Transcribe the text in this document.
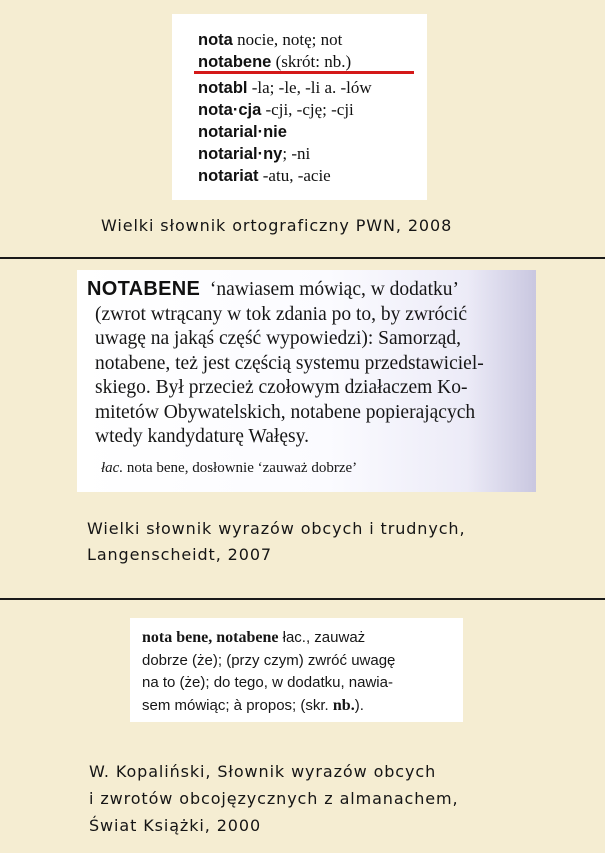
nota nocie, notę; not
notabene (skrót: nb.)
notabl -la; -le, -li a. -lów
nota·cja -cji, -cję; -cji
notarial·nie
notarial·ny; -ni
notariat -atu, -acie
Wielki słownik ortograficzny PWN, 2008
NOTABENE ‘nawiasem mówiąc, w dodatku’
(zwrot wtrącany w tok zdania po to, by zwrócić
uwagę na jakąś część wypowiedzi): Samorząd,
notabene, też jest częścią systemu przedstawiciel-
skiego. Był przecież czołowym działaczem Ko-
mitetów Obywatelskich, notabene popierających
wtedy kandydaturę Wałęsy.
łac. nota bene, dosłownie ‘zauważ dobrze’
Wielki słownik wyrazów obcych i trudnych,
Langenscheidt, 2007
nota bene, notabene łac., zauważ
dobrze (że); (przy czym) zwróć uwagę
na to (że); do tego, w dodatku, nawia-
sem mówiąc; à propos; (skr. nb.).
W. Kopaliński, Słownik wyrazów obcych
i zwrotów obcojęzycznych z almanachem,
Świat Książki, 2000
